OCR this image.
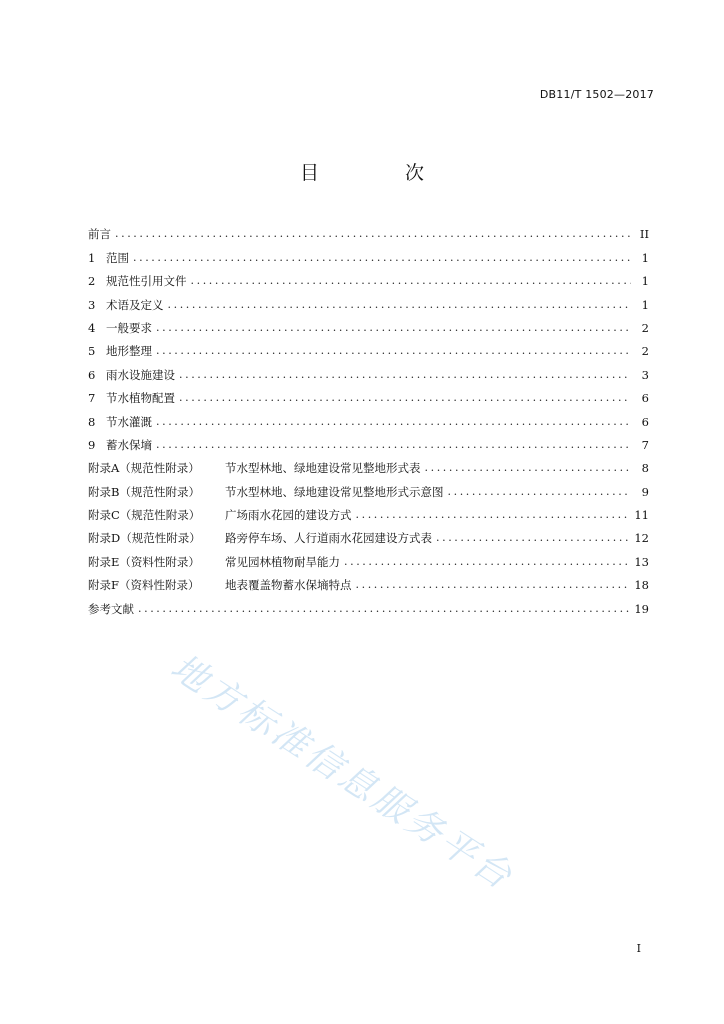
DB11/T 1502—2017
目 次
前言 .....	II
1 范围 .....	1
2 规范性引用文件 .....	1
3 术语及定义 .....	1
4 一般要求 .....	2
5 地形整理 .....	2
6 雨水设施建设 .....	3
7 节水植物配置 .....	6
8 节水灌溉 .....	6
9 蓄水保墒 .....	7
附录A（规范性附录）	节水型林地、绿地建设常见整地形式表 .....	8
附录B（规范性附录）	节水型林地、绿地建设常见整地形式示意图 .....	9
附录C（规范性附录）	广场雨水花园的建设方式 .....	11
附录D（规范性附录）	路旁停车场、人行道雨水花园建设方式表 .....	12
附录E（资料性附录）	常见园林植物耐旱能力 .....	13
附录F（资料性附录）	地表覆盖物蓄水保墒特点 .....	18
参考文献 .....	19
地方标准信息服务平台
I
